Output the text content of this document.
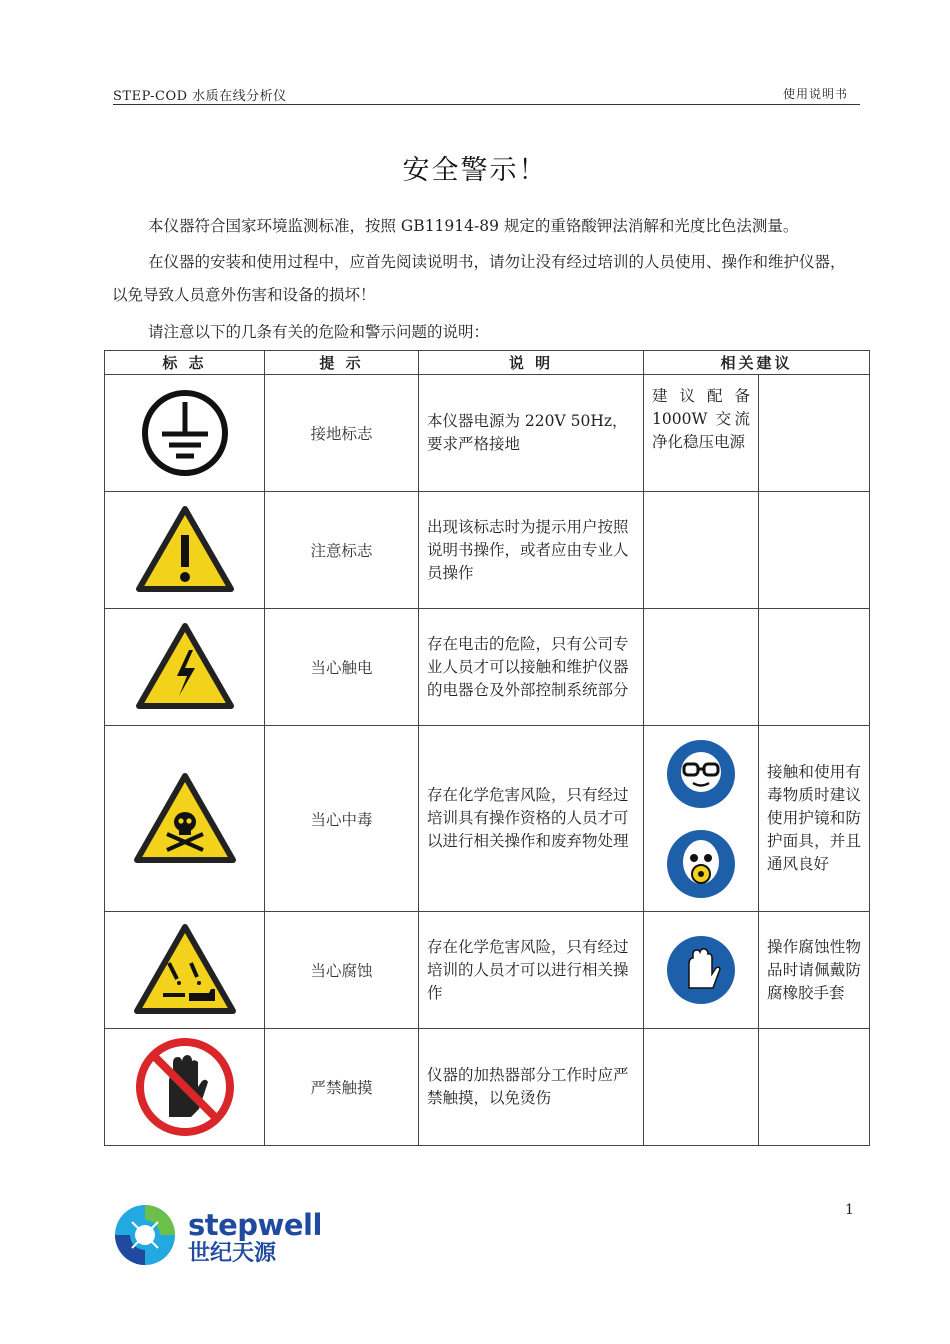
STEP-COD 水质在线分析仪	使用说明书
安全警示！
本仪器符合国家环境监测标准，按照 GB11914-89 规定的重铬酸钾法消解和光度比色法测量。
在仪器的安装和使用过程中，应首先阅读说明书，请勿让没有经过培训的人员使用、操作和维护仪器，以免导致人员意外伤害和设备的损坏！
请注意以下的几条有关的危险和警示问题的说明：
标 志	提 示	说 明	相关建议	

	接地标志	本仪器电源为 220V 50Hz，要求严格接地	建 议 配 备 1000W 交流净化稳压电源	

	注意标志	出现该标志时为提示用户按照说明书操作，或者应由专业人员操作		

	当心触电	存在电击的危险，只有公司专业人员才可以接触和维护仪器的电器仓及外部控制系统部分		

	当心中毒	存在化学危害风险，只有经过培训具有操作资格的人员才可以进行相关操作和废弃物处理		接触和使用有毒物质时建议使用护镜和防护面具，并且通风良好

	当心腐蚀	存在化学危害风险，只有经过培训的人员才可以进行相关操作		操作腐蚀性物品时请佩戴防腐橡胶手套

	严禁触摸	仪器的加热器部分工作时应严禁触摸，以免烫伤		
stepwell
世纪天源
1
